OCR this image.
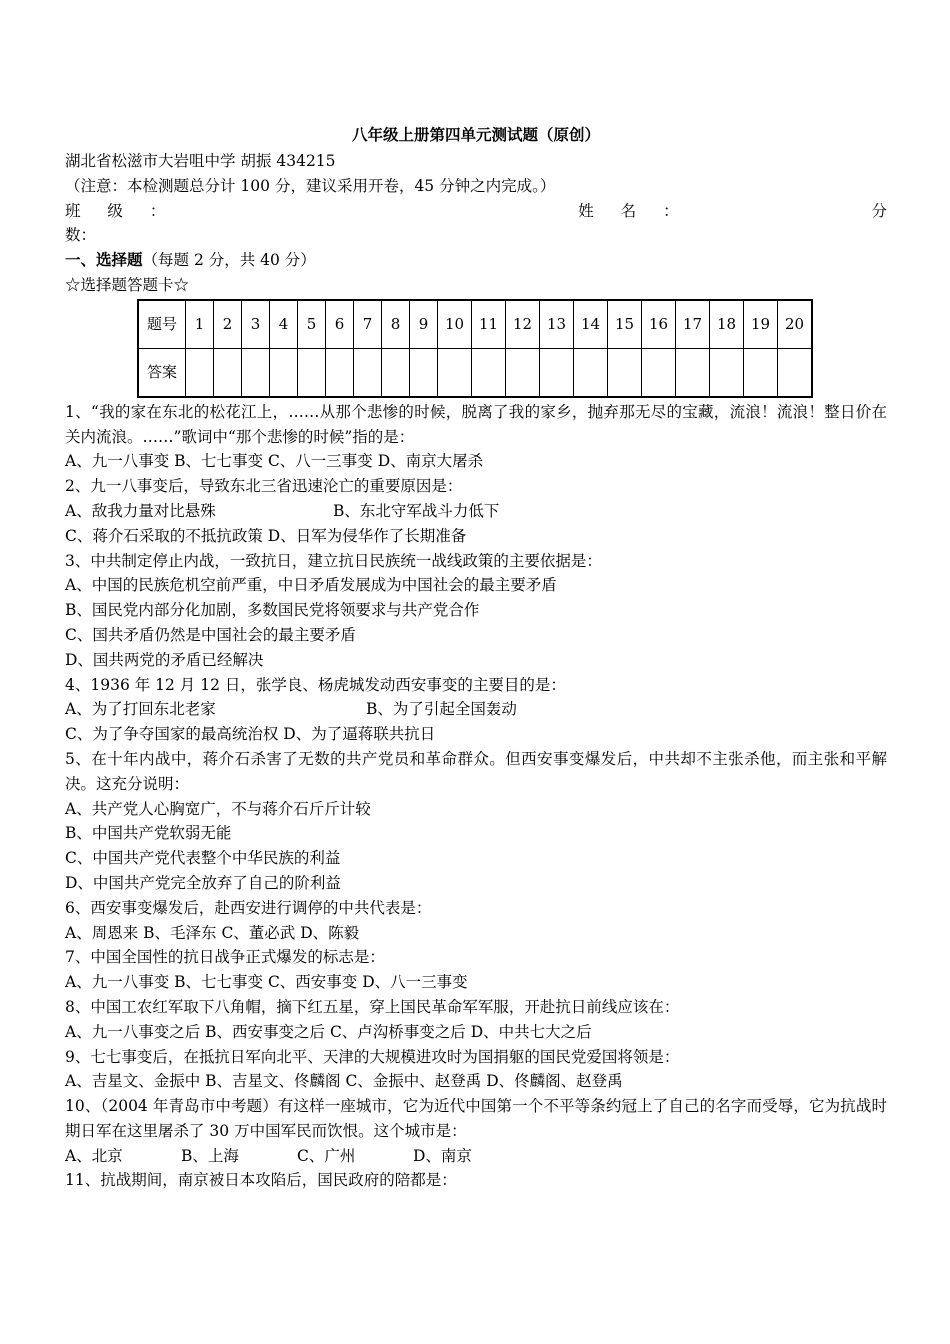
八年级上册第四单元测试题（原创）
湖北省松滋市大岩咀中学 胡振 434215
（注意：本检测题总分计 100 分，建议采用开卷，45 分钟之内完成。）
班 级 ：	姓 名 ：	分
数：
一、选择题（每题 2 分，共 40 分）
☆选择题答题卡☆
题号	1	2	3	4	5	6	7	8	9	10	11	12	13	14	15	16	17	18	19	20
答案																				
1、“我的家在东北的松花江上，……从那个悲惨的时候，脱离了我的家乡，抛弃那无尽的宝藏，流浪！流浪！整日价在关内流浪。……”歌词中“那个悲惨的时候”指的是：
A、九一八事变 B、七七事变 C、八一三事变 D、南京大屠杀
2、九一八事变后，导致东北三省迅速沦亡的重要原因是：
A、敌我力量对比悬殊	B、东北守军战斗力低下
C、蒋介石采取的不抵抗政策 D、日军为侵华作了长期准备
3、中共制定停止内战，一致抗日，建立抗日民族统一战线政策的主要依据是：
A、中国的民族危机空前严重，中日矛盾发展成为中国社会的最主要矛盾
B、国民党内部分化加剧，多数国民党将领要求与共产党合作
C、国共矛盾仍然是中国社会的最主要矛盾
D、国共两党的矛盾已经解决
4、1936 年 12 月 12 日，张学良、杨虎城发动西安事变的主要目的是：
A、为了打回东北老家	B、为了引起全国轰动
C、为了争夺国家的最高统治权 D、为了逼蒋联共抗日
5、在十年内战中，蒋介石杀害了无数的共产党员和革命群众。但西安事变爆发后，中共却不主张杀他，而主张和平解决。这充分说明：
A、共产党人心胸宽广，不与蒋介石斤斤计较
B、中国共产党软弱无能
C、中国共产党代表整个中华民族的利益
D、中国共产党完全放弃了自己的阶利益
6、西安事变爆发后，赴西安进行调停的中共代表是：
A、周恩来 B、毛泽东 C、董必武 D、陈毅
7、中国全国性的抗日战争正式爆发的标志是：
A、九一八事变 B、七七事变 C、西安事变 D、八一三事变
8、中国工农红军取下八角帽，摘下红五星，穿上国民革命军军服，开赴抗日前线应该在：
A、九一八事变之后 B、西安事变之后 C、卢沟桥事变之后 D、中共七大之后
9、七七事变后，在抵抗日军向北平、天津的大规模进攻时为国捐躯的国民党爱国将领是：
A、吉星文、金振中 B、吉星文、佟麟阁 C、金振中、赵登禹 D、佟麟阁、赵登禹
10、（2004 年青岛市中考题）有这样一座城市，它为近代中国第一个不平等条约冠上了自己的名字而受辱，它为抗战时期日军在这里屠杀了 30 万中国军民而饮恨。这个城市是：
A、北京	B、上海	C、广州	D、南京
11、抗战期间，南京被日本攻陷后，国民政府的陪都是：
